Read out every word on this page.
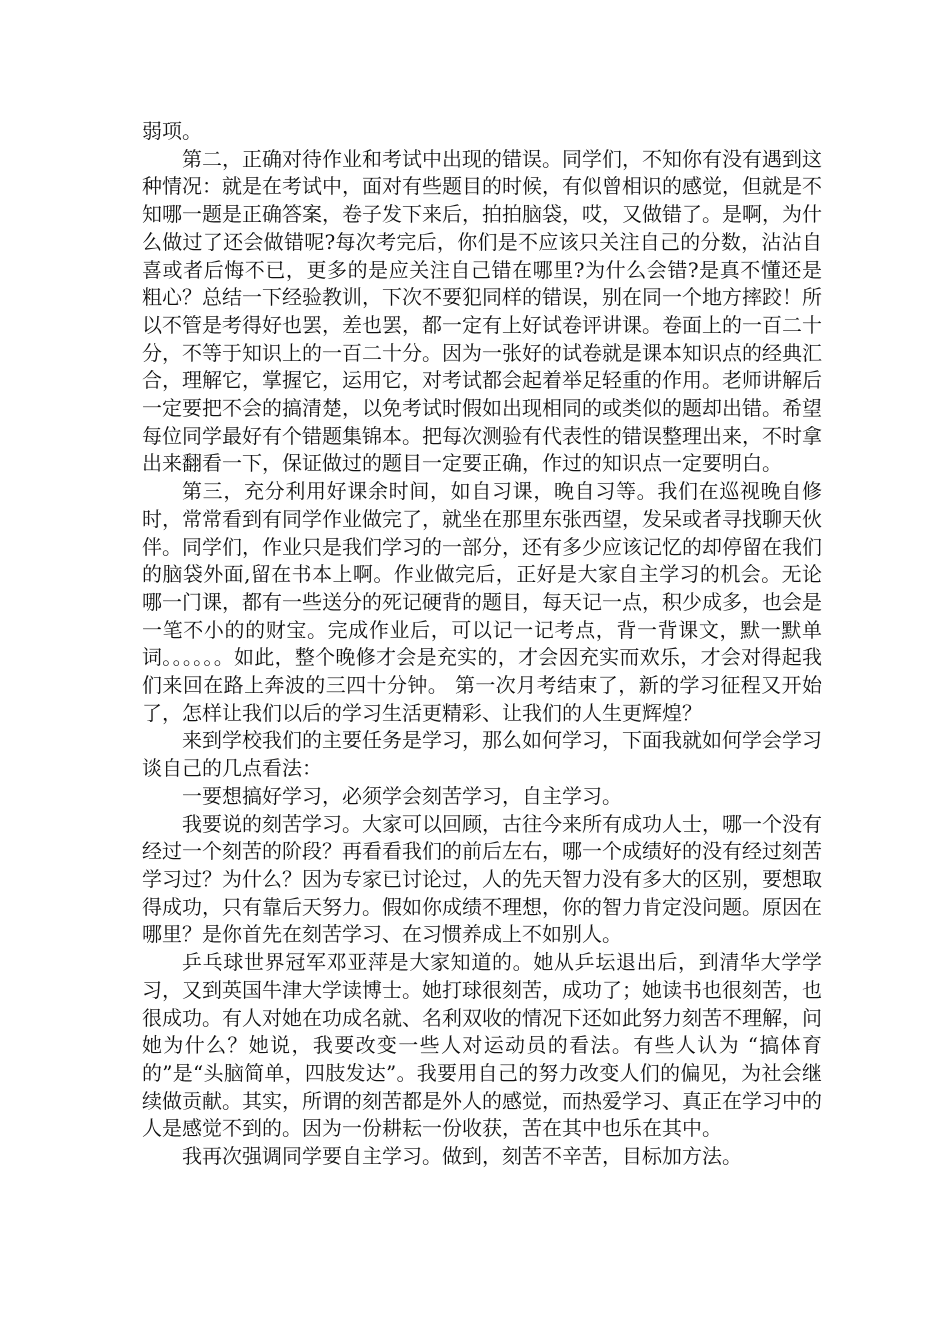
弱项。

第二，正确对待作业和考试中出现的错误。同学们，不知你有没有遇到这种情况：就是在考试中，面对有些题目的时候，有似曾相识的感觉，但就是不知哪一题是正确答案，卷子发下来后，拍拍脑袋，哎，又做错了。是啊，为什么做过了还会做错呢?每次考完后，你们是不应该只关注自己的分数，沾沾自喜或者后悔不已，更多的是应关注自己错在哪里?为什么会错?是真不懂还是粗心？总结一下经验教训，下次不要犯同样的错误，别在同一个地方摔跤！所以不管是考得好也罢，差也罢，都一定有上好试卷评讲课。卷面上的一百二十分，不等于知识上的一百二十分。因为一张好的试卷就是课本知识点的经典汇合，理解它，掌握它，运用它，对考试都会起着举足轻重的作用。老师讲解后一定要把不会的搞清楚，以免考试时假如出现相同的或类似的题却出错。希望每位同学最好有个错题集锦本。把每次测验有代表性的错误整理出来，不时拿出来翻看一下，保证做过的题目一定要正确，作过的知识点一定要明白。

第三，充分利用好课余时间，如自习课，晚自习等。我们在巡视晚自修时，常常看到有同学作业做完了，就坐在那里东张西望，发呆或者寻找聊天伙伴。同学们，作业只是我们学习的一部分，还有多少应该记忆的却停留在我们的脑袋外面,留在书本上啊。作业做完后，正好是大家自主学习的机会。无论哪一门课，都有一些送分的死记硬背的题目，每天记一点，积少成多，也会是一笔不小的的财宝。完成作业后，可以记一记考点，背一背课文，默一默单词。。。。。。如此，整个晚修才会是充实的，才会因充实而欢乐，才会对得起我们来回在路上奔波的三四十分钟。 第一次月考结束了，新的学习征程又开始了，怎样让我们以后的学习生活更精彩、让我们的人生更辉煌？

来到学校我们的主要任务是学习，那么如何学习，下面我就如何学会学习谈自己的几点看法：

一要想搞好学习，必须学会刻苦学习，自主学习。

我要说的刻苦学习。大家可以回顾，古往今来所有成功人士，哪一个没有经过一个刻苦的阶段？再看看我们的前后左右，哪一个成绩好的没有经过刻苦学习过？为什么？因为专家已讨论过，人的先天智力没有多大的区别，要想取得成功，只有靠后天努力。假如你成绩不理想，你的智力肯定没问题。原因在哪里？是你首先在刻苦学习、在习惯养成上不如别人。

乒乓球世界冠军邓亚萍是大家知道的。她从乒坛退出后，到清华大学学习，又到英国牛津大学读博士。她打球很刻苦，成功了；她读书也很刻苦，也很成功。有人对她在功成名就、名利双收的情况下还如此努力刻苦不理解，问她为什么？她说，我要改变一些人对运动员的看法。有些人认为 “搞体育的”是“头脑简单，四肢发达”。我要用自己的努力改变人们的偏见，为社会继续做贡献。其实，所谓的刻苦都是外人的感觉，而热爱学习、真正在学习中的人是感觉不到的。因为一份耕耘一份收获，苦在其中也乐在其中。

我再次强调同学要自主学习。做到，刻苦不辛苦，目标加方法。
